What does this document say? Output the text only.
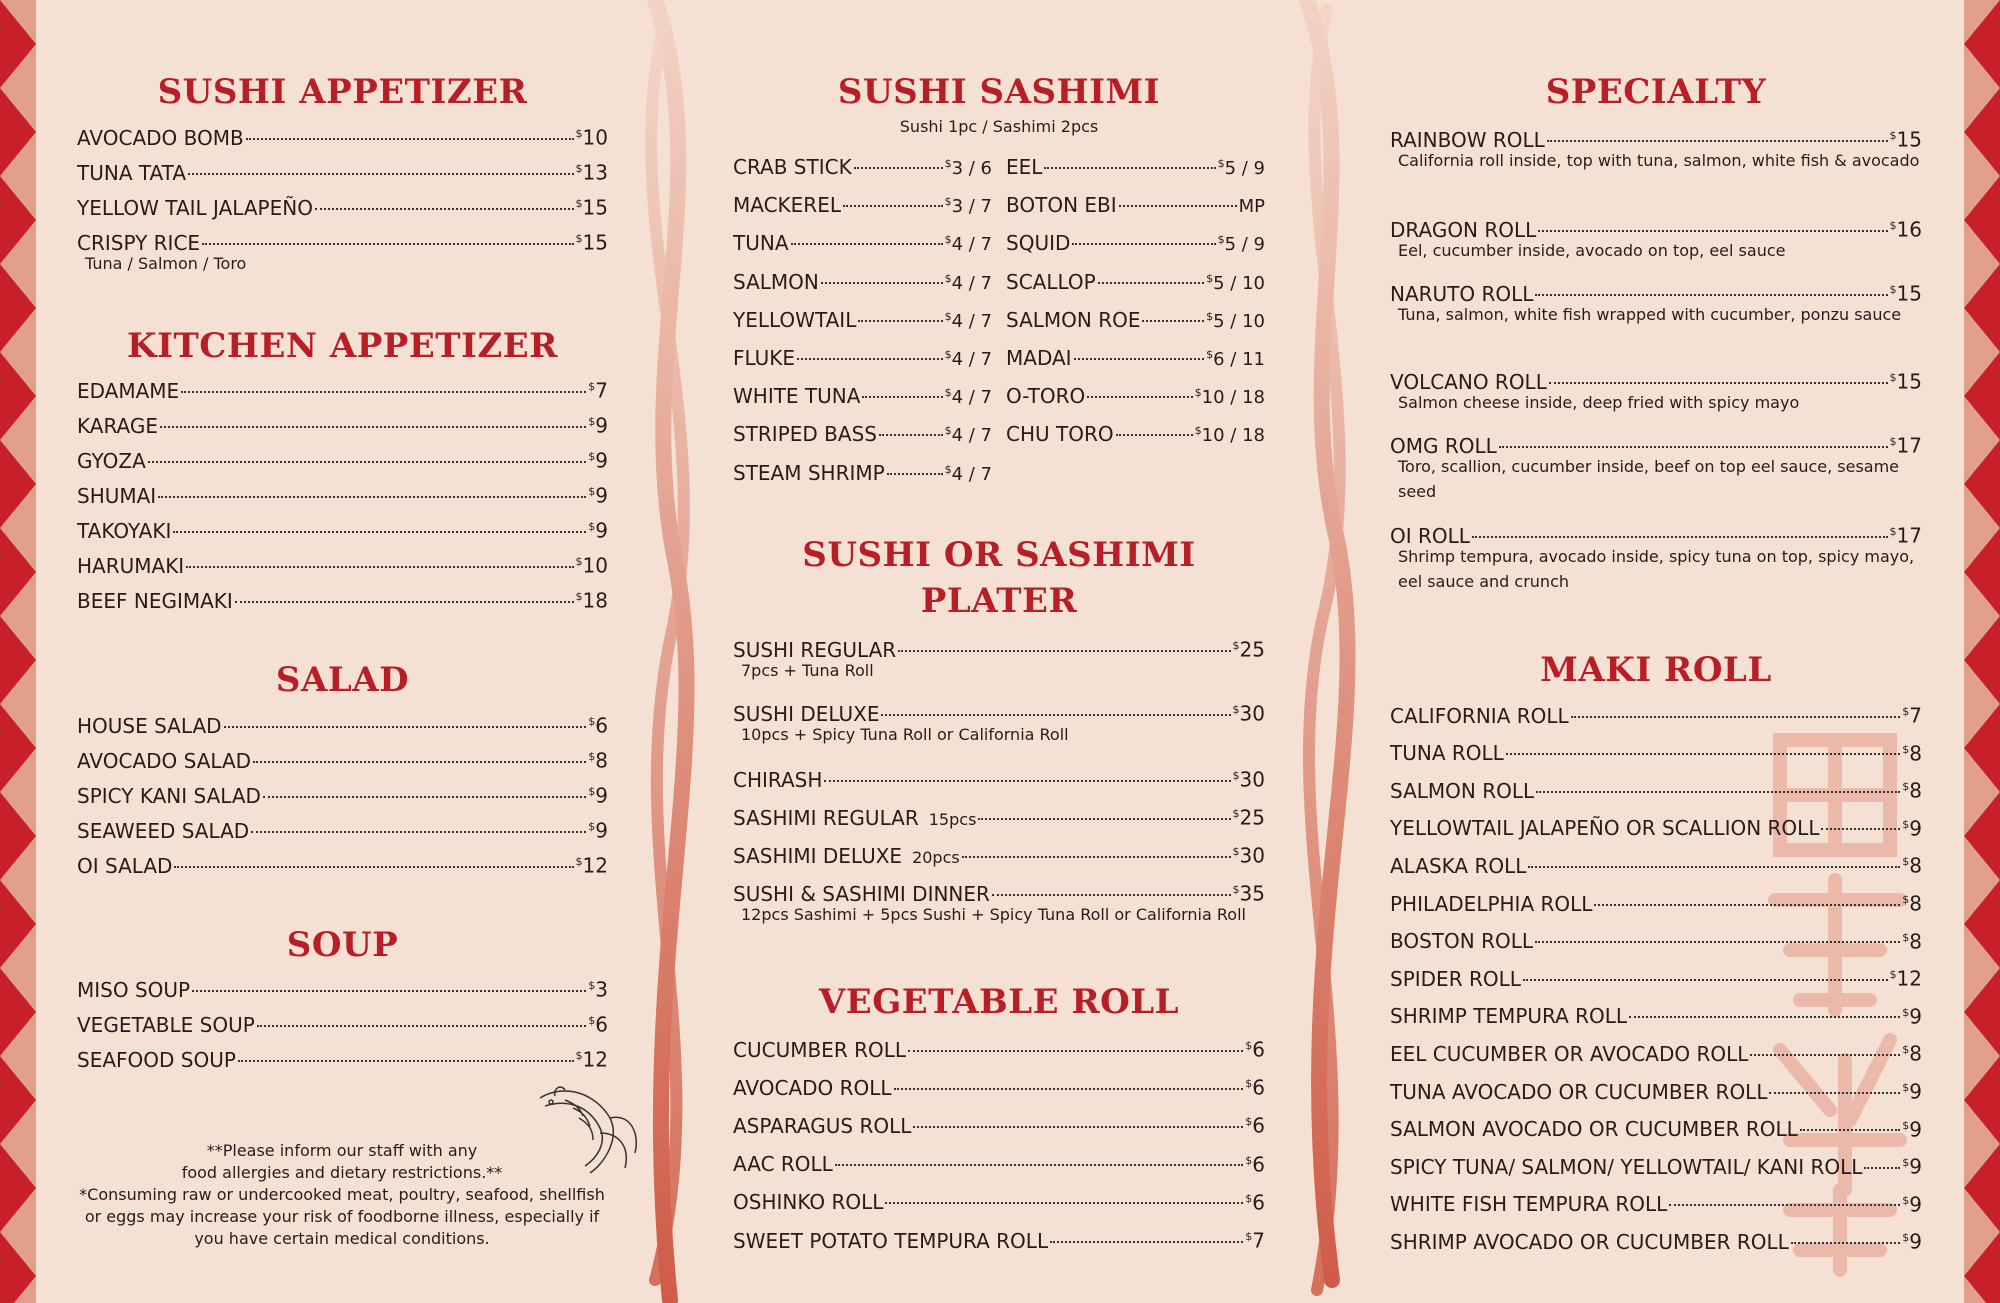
SUSHI APPETIZER
AVOCADO BOMB	$10
TUNA TATA	$13
YELLOW TAIL JALAPEÑO	$15
CRISPY RICE	$15
Tuna / Salmon / Toro
KITCHEN APPETIZER
EDAMAME	$7
KARAGE	$9
GYOZA	$9
SHUMAI	$9
TAKOYAKI	$9
HARUMAKI	$10
BEEF NEGIMAKI	$18
SALAD
HOUSE SALAD	$6
AVOCADO SALAD	$8
SPICY KANI SALAD	$9
SEAWEED SALAD	$9
OI SALAD	$12
SOUP
MISO SOUP	$3
VEGETABLE SOUP	$6
SEAFOOD SOUP	$12
**Please inform our staff with any
food allergies and dietary restrictions.**
*Consuming raw or undercooked meat, poultry, seafood, shellfish
or eggs may increase your risk of foodborne illness, especially if
you have certain medical conditions.
SUSHI SASHIMI
Sushi 1pc / Sashimi 2pcs
CRAB STICK	$3 / 6 EEL	$5 / 9
MACKEREL	$3 / 7 BOTON EBI	MP
TUNA	$4 / 7 SQUID	$5 / 9
SALMON	$4 / 7 SCALLOP	$5 / 10
YELLOWTAIL	$4 / 7 SALMON ROE	$5 / 10
FLUKE	$4 / 7 MADAI	$6 / 11
WHITE TUNA	$4 / 7 O-TORO	$10 / 18
STRIPED BASS	$4 / 7 CHU TORO	$10 / 18
STEAM SHRIMP	$4 / 7
SUSHI OR SASHIMI
PLATER
SUSHI REGULAR	$25
7pcs + Tuna Roll
SUSHI DELUXE	$30
10pcs + Spicy Tuna Roll or California Roll
CHIRASH	$30
SASHIMI REGULAR 15pcs	$25
SASHIMI DELUXE 20pcs	$30
SUSHI & SASHIMI DINNER	$35
12pcs Sashimi + 5pcs Sushi + Spicy Tuna Roll or California Roll
VEGETABLE ROLL
CUCUMBER ROLL	$6
AVOCADO ROLL	$6
ASPARAGUS ROLL	$6
AAC ROLL	$6
OSHINKO ROLL	$6
SWEET POTATO TEMPURA ROLL	$7
SPECIALTY
RAINBOW ROLL	$15
California roll inside, top with tuna, salmon, white fish & avocado
DRAGON ROLL	$16
Eel, cucumber inside, avocado on top, eel sauce
NARUTO ROLL	$15
Tuna, salmon, white fish wrapped with cucumber, ponzu sauce
VOLCANO ROLL	$15
Salmon cheese inside, deep fried with spicy mayo
OMG ROLL	$17
Toro, scallion, cucumber inside, beef on top eel sauce, sesame seed
OI ROLL	$17
Shrimp tempura, avocado inside, spicy tuna on top, spicy mayo, eel sauce and crunch
MAKI ROLL
CALIFORNIA ROLL	$7
TUNA ROLL	$8
SALMON ROLL	$8
YELLOWTAIL JALAPEÑO OR SCALLION ROLL	$9
ALASKA ROLL	$8
PHILADELPHIA ROLL	$8
BOSTON ROLL	$8
SPIDER ROLL	$12
SHRIMP TEMPURA ROLL	$9
EEL CUCUMBER OR AVOCADO ROLL	$8
TUNA AVOCADO OR CUCUMBER ROLL	$9
SALMON AVOCADO OR CUCUMBER ROLL	$9
SPICY TUNA/ SALMON/ YELLOWTAIL/ KANI ROLL	$9
WHITE FISH TEMPURA ROLL	$9
SHRIMP AVOCADO OR CUCUMBER ROLL	$9
